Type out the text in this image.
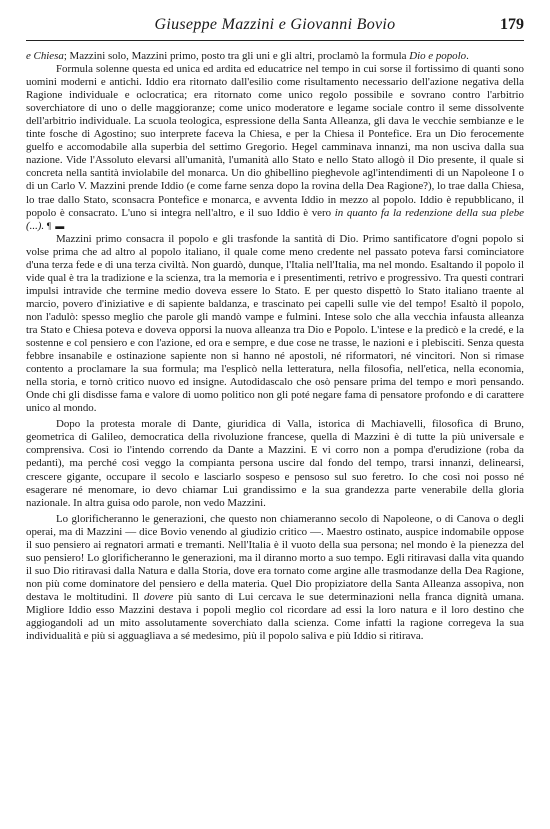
Giuseppe Mazzini e Giovanni Bovio	179

e Chiesa; Mazzini solo, Mazzini primo, posto tra gli uni e gli altri, proclamò la formula Dio e popolo.

Formula solenne questa ed unica ed ardita ed educatrice nel tempo in cui sorse il fortissimo di quanti sono uomini moderni e antichi. Iddio era ritornato dall'esilio come risultamento necessario dell'azione negativa della Ragione individuale e oclocratica; era ritornato come unico regolo possibile e sovrano contro l'arbitrio soverchiatore di uno o delle maggioranze; come unico moderatore e legame sociale contro il seme dissolvente dell'arbitrio individuale. La scuola teologica, espressione della Santa Alleanza, gli dava le vecchie sembianze e le tinte fosche di Agostino; suo interprete faceva la Chiesa, e per la Chiesa il Pontefice. Era un Dio ferocemente guelfo e accomodabile alla superbia del settimo Gregorio. Hegel camminava innanzi, ma non usciva dalla sua nazione. Vide l'Assoluto elevarsi all'umanità, l'umanità allo Stato e nello Stato allogò il Dio presente, il quale si concreta nella santità inviolabile del monarca. Un dio ghibellino pieghevole agl'intendimenti di un Napoleone I o di un Carlo V. Mazzini prende Iddio (e come farne senza dopo la rovina della Dea Ragione?), lo trae dalla Chiesa, lo trae dallo Stato, sconsacra Pontefice e monarca, e avventa Iddio in mezzo al popolo. Iddio è repubblicano, il popolo è consacrato. L'uno si integra nell'altro, e il suo Iddio è vero in quanto fa la redenzione della sua plebe (...). ¶ ▬

Mazzini primo consacra il popolo e gli trasfonde la santità di Dio. Primo santificatore d'ogni popolo si volse prima che ad altro al popolo italiano, il quale come meno credente nel passato poteva farsi cominciatore d'una terza fede e di una terza civiltà. Non guardò, dunque, l'Italia nell'Italia, ma nel mondo. Esaltando il popolo il vide qual è tra la tradizione e la scienza, tra la memoria e i presentimenti, retrivo e progressivo. Tra questi contrari impulsi intravide che termine medio doveva essere lo Stato. E per questo dispettò lo Stato italiano traente al marcio, povero d'iniziative e di sapiente baldanza, e trascinato pei capelli sulle vie del tempo! Esaltò il popolo, non l'adulò: spesso meglio che parole gli mandò vampe e fulmini. Intese solo che alla vecchia infausta alleanza tra Stato e Chiesa poteva e doveva opporsi la nuova alleanza tra Dio e Popolo. L'intese e la predicò e la credé, e la sostenne e col pensiero e con l'azione, ed ora e sempre, e due cose ne trasse, le nazioni e i plebisciti. Senza questa febbre insanabile e ostinazione sapiente non si hanno né apostoli, né riformatori, né vincitori. Non si rimase contento a proclamare la sua formula; ma l'esplicò nella letteratura, nella filosofia, nell'etica, nella economia, nella storia, e tornò critico nuovo ed insigne. Autodidascalo che osò pensare prima del tempo e morì pensando. Onde chi gli disdisse fama e valore di uomo politico non gli poté negare fama di pensatore profondo e di carattere unico al mondo.

Dopo la protesta morale di Dante, giuridica di Valla, istorica di Machiavelli, filosofica di Bruno, geometrica di Galileo, democratica della rivoluzione francese, quella di Mazzini è di tutte la più universale e comprensiva. Così io l'intendo correndo da Dante a Mazzini. E vi corro non a pompa d'erudizione (roba da pedanti), ma perché così veggo la compianta persona uscire dal fondo del tempo, trarsi innanzi, delinearsi, crescere gigante, occupare il secolo e lasciarlo sospeso e pensoso sul suo feretro. Io che così noi posso né esagerare né menomare, io devo chiamar Lui grandissimo e la sua grandezza parte venerabile della gloria nazionale. In altra guisa odo parole, non vedo Mazzini.

Lo glorificheranno le generazioni, che questo non chiameranno secolo di Napoleone, o di Canova o degli operai, ma di Mazzini — dice Bovio venendo al giudizio critico —. Maestro ostinato, auspice indomabile oppose il suo pensiero ai regnatori armati e tremanti. Nell'Italia è il vuoto della sua persona; nel mondo è la pienezza del suo pensiero! Lo glorificheranno le generazioni, ma il diranno morto a suo tempo. Egli ritiravasi dalla vita quando il suo Dio ritiravasi dalla Natura e dalla Storia, dove era tornato come argine alle trasmodanze della Dea Ragione, non più come dominatore del pensiero e della materia. Quel Dio propiziatore della Santa Alleanza assopiva, non destava le moltitudini. Il dovere più santo di Lui cercava le sue determinazioni nella franca dignità umana. Migliore Iddio esso Mazzini destava i popoli meglio col ricordare ad essi la loro natura e il loro destino che aggiogandoli ad un mito assolutamente soverchiato dalla scienza. Come infatti la ragione corregeva la sua individualità e più si agguagliava a sé medesimo, più il popolo saliva e più Iddio si ritirava.
